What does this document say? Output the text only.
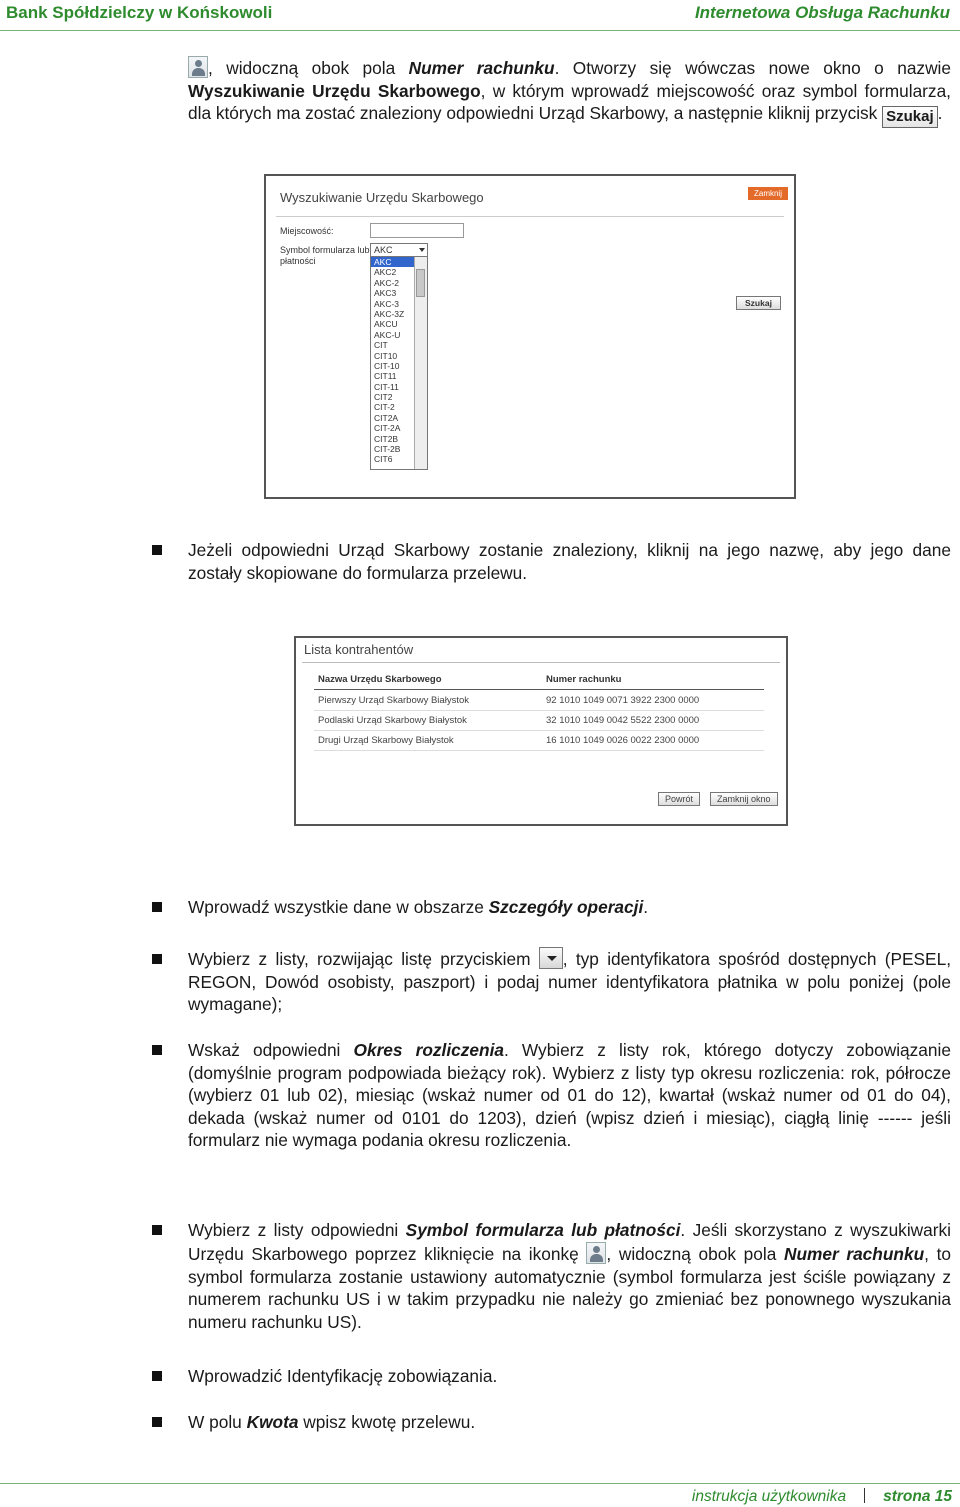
Bank Spółdzielczy w Końskowoli	Internetowa Obsługa Rachunku
, widoczną obok pola Numer rachunku. Otworzy się wówczas nowe okno o nazwie Wyszukiwanie Urzędu Skarbowego, w którym wprowadź miejscowość oraz symbol formularza, dla których ma zostać znaleziony odpowiedni Urząd Skarbowy, a następnie kliknij przycisk Szukaj .
Wyszukiwanie Urzędu Skarbowego	Zamknij
Miejscowość:
Symbol formularza lub płatności
AKC
AKC
AKC2
AKC-2
AKC3
AKC-3
AKC-3Z
AKCU
AKC-U
CIT
CIT10
CIT-10
CIT11
CIT-11
CIT2
CIT-2
CIT2A
CIT-2A
CIT2B
CIT-2B
CIT6
Szukaj
Jeżeli odpowiedni Urząd Skarbowy zostanie znaleziony, kliknij na jego nazwę, aby jego dane zostały skopiowane do formularza przelewu.
Lista kontrahentów
Nazwa Urzędu Skarbowego	Numer rachunku
Pierwszy Urząd Skarbowy Białystok	92 1010 1049 0071 3922 2300 0000
Podlaski Urząd Skarbowy Białystok	32 1010 1049 0042 5522 2300 0000
Drugi Urząd Skarbowy Białystok	16 1010 1049 0026 0022 2300 0000
Powrót	Zamknij okno
Wprowadź wszystkie dane w obszarze Szczegóły operacji.
Wybierz z listy, rozwijając listę przyciskiem , typ identyfikatora spośród dostępnych (PESEL, REGON, Dowód osobisty, paszport) i podaj numer identyfikatora płatnika w polu poniżej (pole wymagane);
Wskaż odpowiedni Okres rozliczenia. Wybierz z listy rok, którego dotyczy zobowiązanie (domyślnie program podpowiada bieżący rok). Wybierz z listy typ okresu rozliczenia: rok, półrocze (wybierz 01 lub 02), miesiąc (wskaż numer od 01 do 12), kwartał (wskaż numer od 01 do 04), dekada (wskaż numer od 0101 do 1203), dzień (wpisz dzień i miesiąc), ciągłą linię ------ jeśli formularz nie wymaga podania okresu rozliczenia.
Wybierz z listy odpowiedni Symbol formularza lub płatności. Jeśli skorzystano z wyszukiwarki Urzędu Skarbowego poprzez kliknięcie na ikonkę , widoczną obok pola Numer rachunku, to symbol formularza zostanie ustawiony automatycznie (symbol formularza jest ściśle powiązany z numerem rachunku US i w takim przypadku nie należy go zmieniać bez ponownego wyszukania numeru rachunku US).
Wprowadzić Identyfikację zobowiązania.
W polu Kwota wpisz kwotę przelewu.
instrukcja użytkownika strona 15
